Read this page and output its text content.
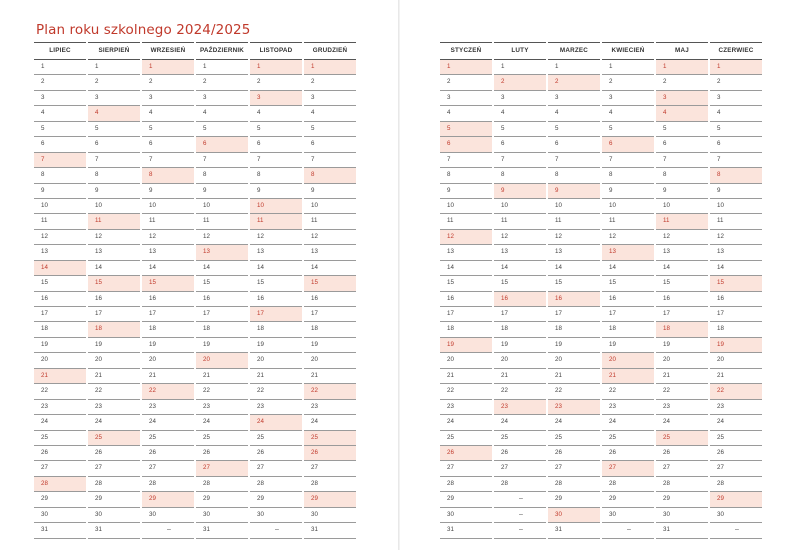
Plan roku szkolnego 2024/2025
LIPIEC
1
2
3
4
5
6
7
8
9
10
11
12
13
14
15
16
17
18
19
20
21
22
23
24
25
26
27
28
29
30
31
SIERPIEŃ
1
2
3
4
5
6
7
8
9
10
11
12
13
14
15
16
17
18
19
20
21
22
23
24
25
26
27
28
29
30
31
WRZESIEŃ
1
2
3
4
5
6
7
8
9
10
11
12
13
14
15
16
17
18
19
20
21
22
23
24
25
26
27
28
29
30
–
PAŹDZIERNIK
1
2
3
4
5
6
7
8
9
10
11
12
13
14
15
16
17
18
19
20
21
22
23
24
25
26
27
28
29
30
31
LISTOPAD
1
2
3
4
5
6
7
8
9
10
11
12
13
14
15
16
17
18
19
20
21
22
23
24
25
26
27
28
29
30
–
GRUDZIEŃ
1
2
3
4
5
6
7
8
9
10
11
12
13
14
15
16
17
18
19
20
21
22
23
24
25
26
27
28
29
30
31
STYCZEŃ
1
2
3
4
5
6
7
8
9
10
11
12
13
14
15
16
17
18
19
20
21
22
23
24
25
26
27
28
29
30
31
LUTY
1
2
3
4
5
6
7
8
9
10
11
12
13
14
15
16
17
18
19
20
21
22
23
24
25
26
27
28
–
–
–
MARZEC
1
2
3
4
5
6
7
8
9
10
11
12
13
14
15
16
17
18
19
20
21
22
23
24
25
26
27
28
29
30
31
KWIECIEŃ
1
2
3
4
5
6
7
8
9
10
11
12
13
14
15
16
17
18
19
20
21
22
23
24
25
26
27
28
29
30
–
MAJ
1
2
3
4
5
6
7
8
9
10
11
12
13
14
15
16
17
18
19
20
21
22
23
24
25
26
27
28
29
30
31
CZERWIEC
1
2
3
4
5
6
7
8
9
10
11
12
13
14
15
16
17
18
19
20
21
22
23
24
25
26
27
28
29
30
–
